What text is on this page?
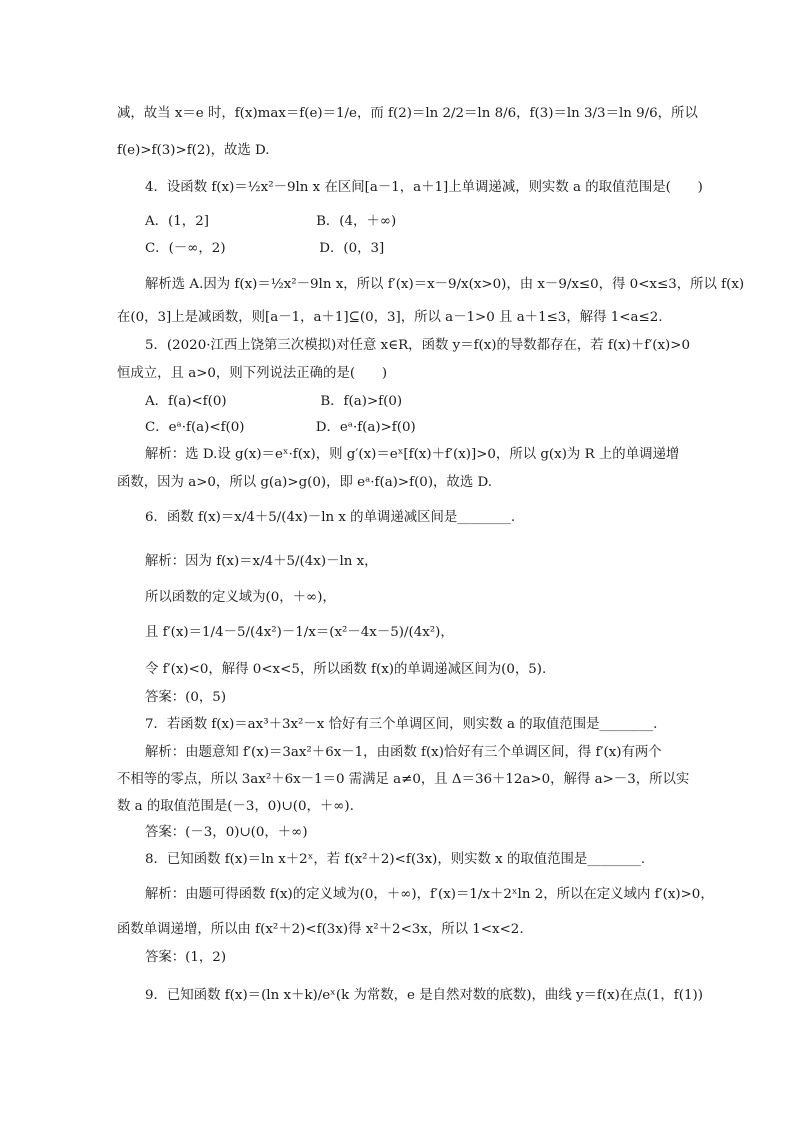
减，故当 x＝e 时，f(x)max＝f(e)＝1/e，而 f(2)＝ln 2/2＝ln 8/6，f(3)＝ln 3/3＝ln 9/6，所以
f(e)>f(3)>f(2)，故选 D.
4．设函数 f(x)＝½x²－9ln x 在区间[a－1，a＋1]上单调递减，则实数 a 的取值范围是(　　)
A．(1，2]　　　　　　　　B．(4，＋∞)
C．(－∞，2)　　　　　　　D．(0，3]
解析选 A.因为 f(x)＝½x²－9ln x，所以 f′(x)＝x－9/x(x>0)，由 x－9/x≤0，得 0<x≤3，所以 f(x)
在(0，3]上是减函数，则[a－1，a＋1]⊆(0，3]，所以 a－1>0 且 a＋1≤3，解得 1<a≤2.
5．(2020·江西上饶第三次模拟)对任意 x∈R，函数 y＝f(x)的导数都存在，若 f(x)＋f′(x)>0
恒成立，且 a>0，则下列说法正确的是(　　)
A．f(a)<f(0)　　　　　　　B．f(a)>f(0)
C．eᵃ·f(a)<f(0)　　　　　 D．eᵃ·f(a)>f(0)
解析：选 D.设 g(x)＝eˣ·f(x)，则 g′(x)＝eˣ[f(x)＋f′(x)]>0，所以 g(x)为 R 上的单调递增
函数，因为 a>0，所以 g(a)>g(0)，即 eᵃ·f(a)>f(0)，故选 D.
6．函数 f(x)＝x/4＋5/(4x)－ln x 的单调递减区间是________.
解析：因为 f(x)＝x/4＋5/(4x)－ln x，
所以函数的定义域为(0，＋∞)，
且 f′(x)＝1/4－5/(4x²)－1/x＝(x²－4x－5)/(4x²)，
令 f′(x)<0，解得 0<x<5，所以函数 f(x)的单调递减区间为(0，5).
答案：(0，5)
7．若函数 f(x)＝ax³＋3x²－x 恰好有三个单调区间，则实数 a 的取值范围是________.
解析：由题意知 f′(x)＝3ax²＋6x－1，由函数 f(x)恰好有三个单调区间，得 f′(x)有两个
不相等的零点，所以 3ax²＋6x－1＝0 需满足 a≠0，且 Δ＝36＋12a>0，解得 a>－3，所以实
数 a 的取值范围是(－3，0)∪(0，＋∞).
答案：(－3，0)∪(0，＋∞)
8．已知函数 f(x)＝ln x＋2ˣ，若 f(x²＋2)<f(3x)，则实数 x 的取值范围是________.
解析：由题可得函数 f(x)的定义域为(0，＋∞)，f′(x)＝1/x＋2ˣln 2，所以在定义域内 f′(x)>0，
函数单调递增，所以由 f(x²＋2)<f(3x)得 x²＋2<3x，所以 1<x<2.
答案：(1，2)
9．已知函数 f(x)＝(ln x＋k)/eˣ(k 为常数，e 是自然对数的底数)，曲线 y＝f(x)在点(1，f(1))
